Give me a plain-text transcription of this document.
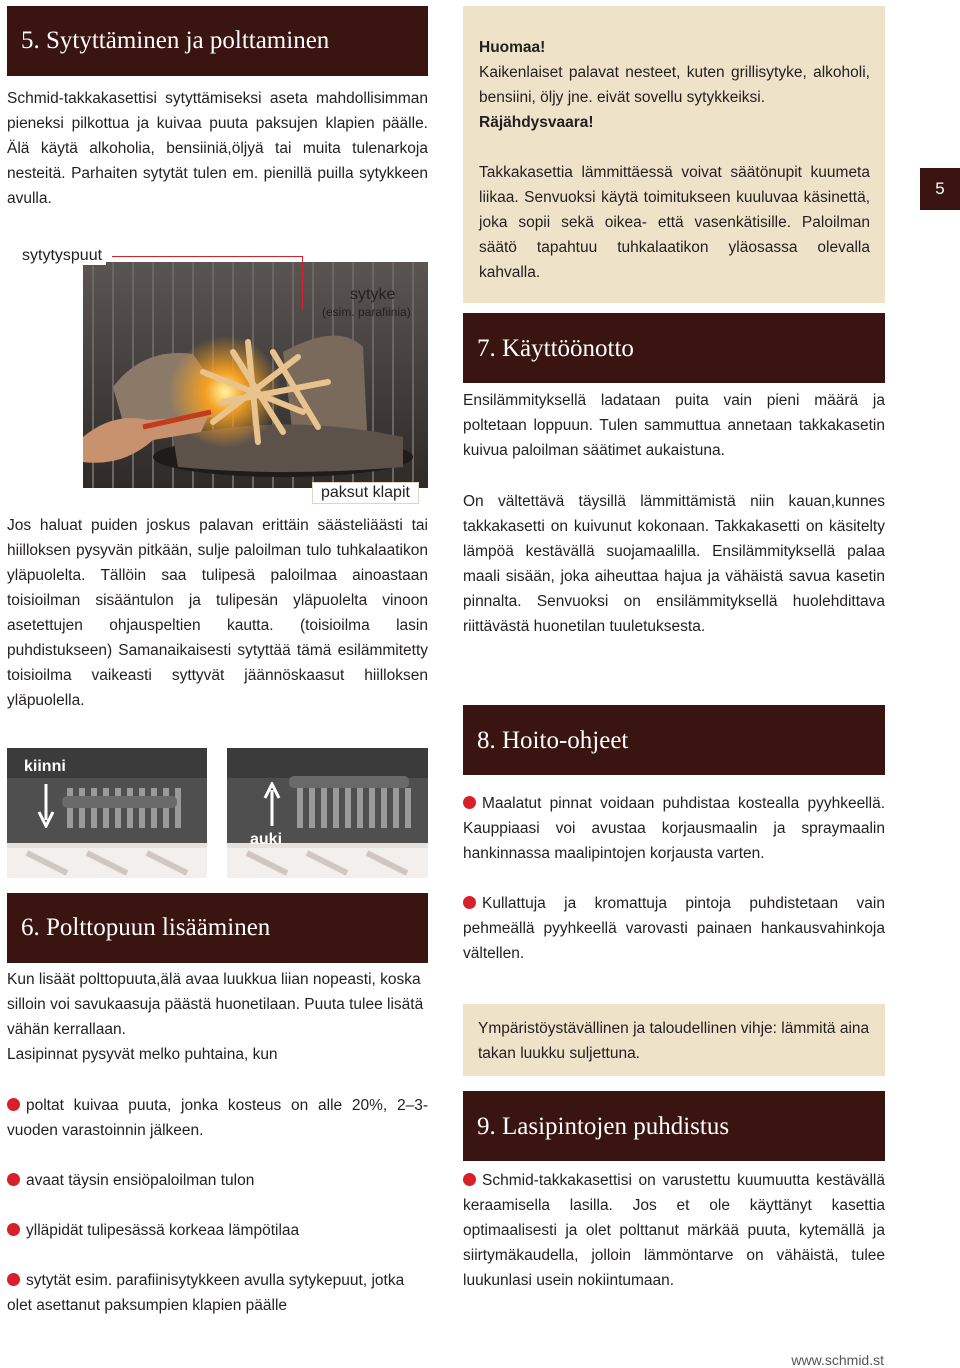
5. Sytyttäminen ja polttaminen

Schmid-takkakasettisi sytyttämiseksi aseta mahdollisimman pieneksi pilkottua ja kuivaa puuta paksujen klapien päälle. Älä käytä alkoholia, bensiiniä,öljyä tai muita tulenarkoja nesteitä. Parhaiten sytytät tulen em. pienillä puilla sytykkeen avulla.

sytytyspuut
sytyke
(esim. parafiinia)
paksut klapit

Jos haluat puiden joskus palavan erittäin säästeliäästi tai hiilloksen pysyvän pitkään, sulje paloilman tulo tuhkalaatikon yläpuolelta. Tällöin saa tulipesä paloilmaa ainoastaan toisioilman sisääntulon ja tulipesän yläpuolelta vinoon asetettujen ohjauspeltien kautta. (toisioilma lasin puhdistukseen) Samanaikaisesti sytyttää tämä esilämmitetty toisioilma vaikeasti syttyvät jäännöskaasut hiilloksen yläpuolella.

kiinni
auki
6. Polttopuun lisääminen

Kun lisäät polttopuuta,älä avaa luukkua liian nopeasti, koska silloin voi savukaasuja päästä huonetilaan. Puuta tulee lisätä vähän kerrallaan.

Lasipinnat pysyvät melko puhtaina, kun

poltat kuivaa puuta, jonka kosteus on alle 20%, 2–3-vuoden varastoinnin jälkeen.

avaat täysin ensiöpaloilman tulon

ylläpidät tulipesässä korkeaa lämpötilaa

sytytät esim. parafiinisytykkeen avulla sytykepuut, jotka olet asettanut paksumpien klapien päälle

Huomaa!
Kaikenlaiset palavat nesteet, kuten grillisytyke, alkoholi, bensiini, öljy jne. eivät sovellu sytykkeiksi.
Räjähdysvaara!
Takkakasettia lämmittäessä voivat säätönupit kuumeta liikaa. Senvuoksi käytä toimitukseen kuuluvaa käsinettä, joka sopii sekä oikea- että vasenkätisille. Paloilman säätö tapahtuu tuhkalaatikon yläosassa olevalla kahvalla.
5
7. Käyttöönotto

Ensilämmityksellä ladataan puita vain pieni määrä ja poltetaan loppuun. Tulen sammuttua annetaan takkakasetin kuivua paloilman säätimet aukaistuna.

On vältettävä täysillä lämmittämistä niin kauan,kunnes takkakasetti on kuivunut kokonaan. Takkakasetti on käsitelty lämpöä kestävällä suojamaalilla. Ensilämmityksellä palaa maali sisään, joka aiheuttaa hajua ja vähäistä savua kasetin pinnalta. Senvuoksi on ensilämmityksellä huolehdittava riittävästä huonetilan tuuletuksesta.

8. Hoito-ohjeet

Maalatut pinnat voidaan puhdistaa kostealla pyyhkeellä. Kauppiaasi voi avustaa korjausmaalin ja spraymaalin hankinnassa maalipintojen korjausta varten.

Kullattuja ja kromattuja pintoja puhdistetaan vain pehmeällä pyyhkeellä varovasti painaen hankausvahinkoja vältellen.

Ympäristöystävällinen ja taloudellinen vihje: lämmitä aina takan luukku suljettuna.
9. Lasipintojen puhdistus

Schmid-takkakasettisi on varustettu kuumuutta kestävällä keraamisella lasilla. Jos et ole käyttänyt kasettia optimaalisesti ja olet polttanut märkää puuta, kytemällä ja siirtymäkaudella, jolloin lämmöntarve on vähäistä, tulee luukunlasi usein nokiintumaan.

www.schmid.st
